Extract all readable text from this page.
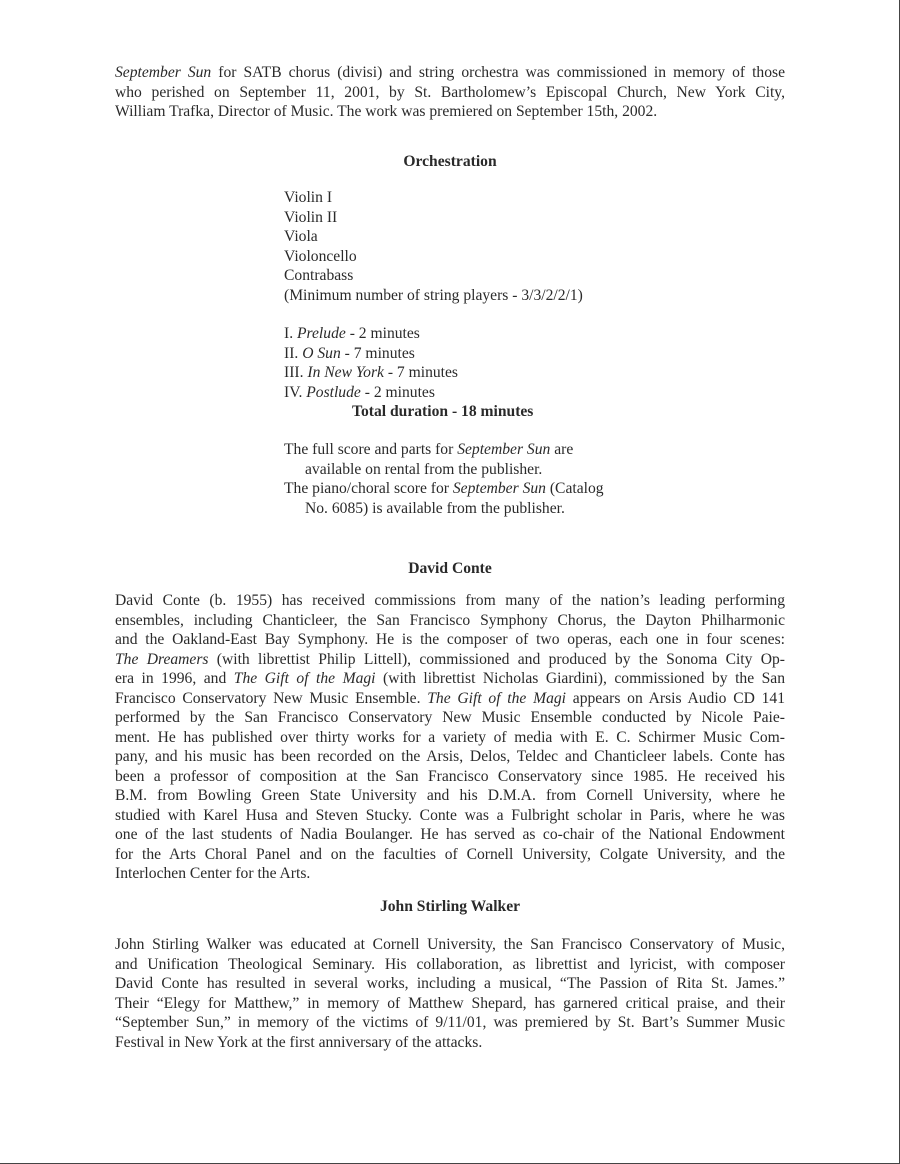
September Sun for SATB chorus (divisi) and string orchestra was commissioned in memory of those
who perished on September 11, 2001, by St. Bartholomew’s Episcopal Church, New York City,
William Trafka, Director of Music. The work was premiered on September 15th, 2002.
Orchestration
Violin I
Violin II
Viola
Violoncello
Contrabass
(Minimum number of string players - 3/3/2/2/1)
I. Prelude - 2 minutes
II. O Sun - 7 minutes
III. In New York - 7 minutes
IV. Postlude - 2 minutes
Total duration - 18 minutes
The full score and parts for September Sun are
available on rental from the publisher.
The piano/choral score for September Sun (Catalog
No. 6085) is available from the publisher.
David Conte
David Conte (b. 1955) has received commissions from many of the nation’s leading performing
ensembles, including Chanticleer, the San Francisco Symphony Chorus, the Dayton Philharmonic
and the Oakland-East Bay Symphony. He is the composer of two operas, each one in four scenes:
The Dreamers (with librettist Philip Littell), commissioned and produced by the Sonoma City Op-
era in 1996, and The Gift of the Magi (with librettist Nicholas Giardini), commissioned by the San
Francisco Conservatory New Music Ensemble. The Gift of the Magi appears on Arsis Audio CD 141
performed by the San Francisco Conservatory New Music Ensemble conducted by Nicole Paie-
ment. He has published over thirty works for a variety of media with E. C. Schirmer Music Com-
pany, and his music has been recorded on the Arsis, Delos, Teldec and Chanticleer labels. Conte has
been a professor of composition at the San Francisco Conservatory since 1985. He received his
B.M. from Bowling Green State University and his D.M.A. from Cornell University, where he
studied with Karel Husa and Steven Stucky. Conte was a Fulbright scholar in Paris, where he was
one of the last students of Nadia Boulanger. He has served as co-chair of the National Endowment
for the Arts Choral Panel and on the faculties of Cornell University, Colgate University, and the
Interlochen Center for the Arts.
John Stirling Walker
John Stirling Walker was educated at Cornell University, the San Francisco Conservatory of Music,
and Unification Theological Seminary. His collaboration, as librettist and lyricist, with composer
David Conte has resulted in several works, including a musical, “The Passion of Rita St. James.”
Their “Elegy for Matthew,” in memory of Matthew Shepard, has garnered critical praise, and their
“September Sun,” in memory of the victims of 9/11/01, was premiered by St. Bart’s Summer Music
Festival in New York at the first anniversary of the attacks.
